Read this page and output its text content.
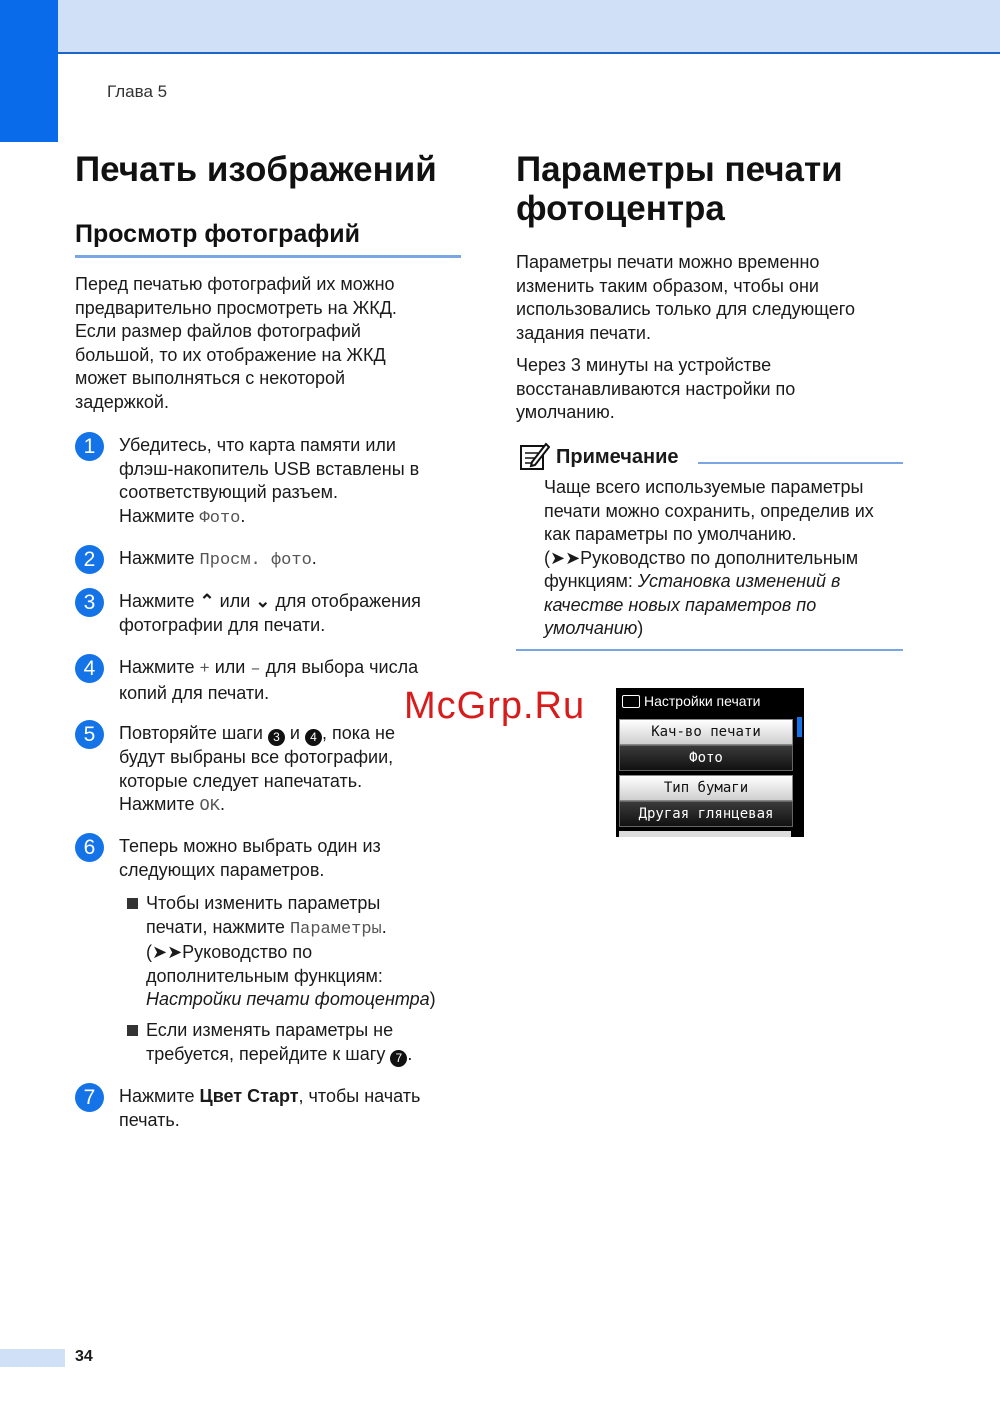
Глава 5
Печать изображений
Просмотр фотографий
Перед печатью фотографий их можно
предварительно просмотреть на ЖКД.
Если размер файлов фотографий
большой, то их отображение на ЖКД
может выполняться с некоторой
задержкой.
1	Убедитесь, что карта памяти или
флэш-накопитель USB вставлены в
соответствующий разъем.
Нажмите Фото.
2	Нажмите Просм. фото.
3	Нажмите ⌃ или ⌄ для отображения
фотографии для печати.
4	Нажмите + или – для выбора числа
копий для печати.
5	Повторяйте шаги 3 и 4 , пока не
будут выбраны все фотографии,
которые следует напечатать.
Нажмите OK.
6	Теперь можно выбрать один из
следующих параметров.
Чтобы изменить параметры
печати, нажмите Параметры.
(➤➤Руководство по
дополнительным функциям:
Настройки печати фотоцентра)
Если изменять параметры не
требуется, перейдите к шагу 7 .
7	Нажмите Цвет Старт, чтобы начать
печать.
Параметры печати
фотоцентра
Параметры печати можно временно
изменить таким образом, чтобы они
использовались только для следующего
задания печати.
Через 3 минуты на устройстве
восстанавливаются настройки по
умолчанию.
Примечание
Чаще всего используемые параметры
печати можно сохранить, определив их
как параметры по умолчанию.
(➤➤Руководство по дополнительным
функциям: Установка изменений в
качестве новых параметров по
умолчанию)
Настройки печати
Кач-во печати
Фото
Тип бумаги
Другая глянцевая
McGrp.Ru
34
